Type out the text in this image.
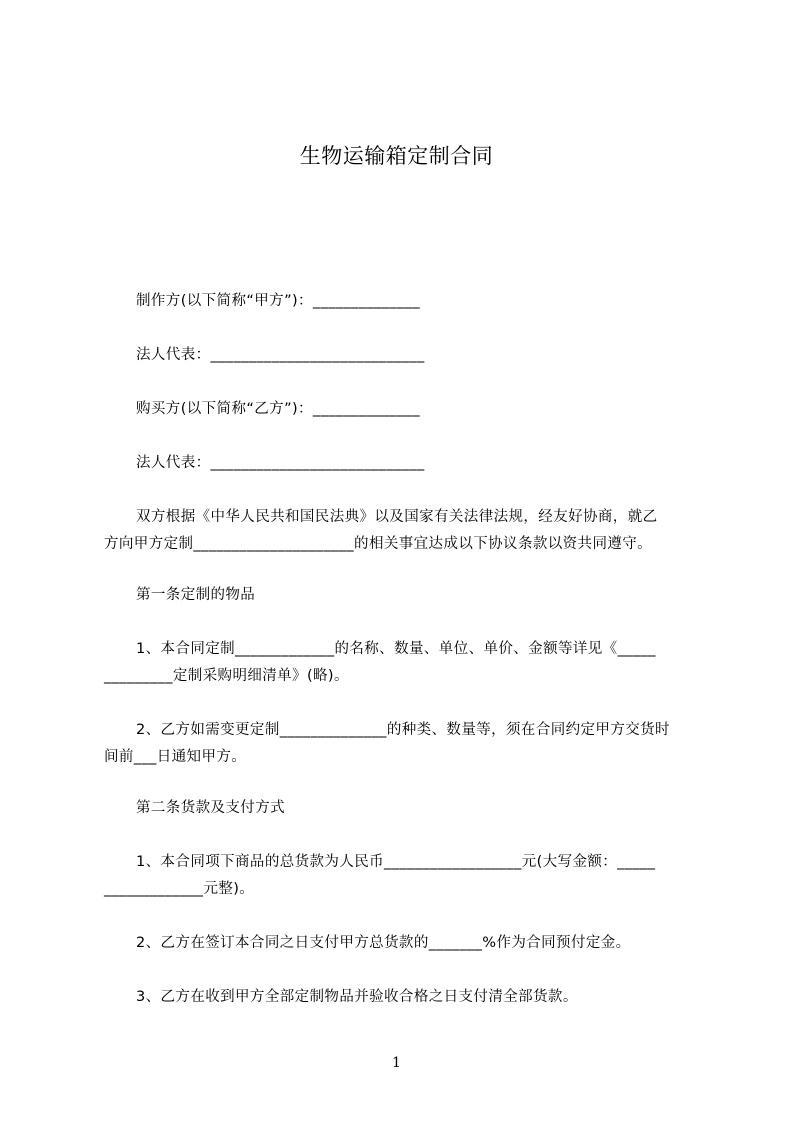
生物运输箱定制合同
制作方(以下简称“甲方”)：______________
法人代表：____________________________
购买方(以下简称“乙方”)：______________
法人代表：____________________________
双方根据《中华人民共和国民法典》以及国家有关法律法规，经友好协商，就乙
方向甲方定制_____________________的相关事宜达成以下协议条款以资共同遵守。
第一条定制的物品
1、本合同定制_____________的名称、数量、单位、单价、金额等详见《_____
_________定制采购明细清单》(略)。
2、乙方如需变更定制______________的种类、数量等，须在合同约定甲方交货时
间前___日通知甲方。
第二条货款及支付方式
1、本合同项下商品的总货款为人民币__________________元(大写金额：_____
_____________元整)。
2、乙方在签订本合同之日支付甲方总货款的_______%作为合同预付定金。
3、乙方在收到甲方全部定制物品并验收合格之日支付清全部货款。
1
